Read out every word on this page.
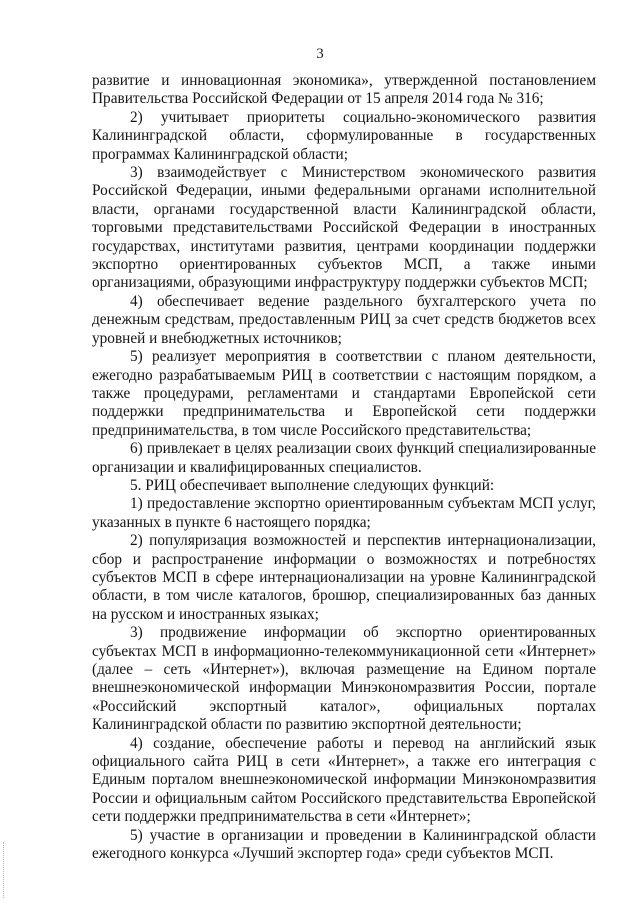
3

развитие и инновационная экономика», утвержденной постановлением Правительства Российской Федерации от 15 апреля 2014 года № 316;

2) учитывает приоритеты социально-экономического развития Калининградской области, сформулированные в государственных программах Калининградской области;

3) взаимодействует с Министерством экономического развития Российской Федерации, иными федеральными органами исполнительной власти, органами государственной власти Калининградской области, торговыми представительствами Российской Федерации в иностранных государствах, институтами развития, центрами координации поддержки экспортно ориентированных субъектов МСП, а также иными организациями, образующими инфраструктуру поддержки субъектов МСП;

4) обеспечивает ведение раздельного бухгалтерского учета по денежным средствам, предоставленным РИЦ за счет средств бюджетов всех уровней и внебюджетных источников;

5) реализует мероприятия в соответствии с планом деятельности, ежегодно разрабатываемым РИЦ в соответствии с настоящим порядком, а также процедурами, регламентами и стандартами Европейской сети поддержки предпринимательства и Европейской сети поддержки предпринимательства, в том числе Российского представительства;

6) привлекает в целях реализации своих функций специализированные организации и квалифицированных специалистов.

5. РИЦ обеспечивает выполнение следующих функций:

1) предоставление экспортно ориентированным субъектам МСП услуг, указанных в пункте 6 настоящего порядка;

2) популяризация возможностей и перспектив интернационализации, сбор и распространение информации о возможностях и потребностях субъектов МСП в сфере интернационализации на уровне Калининградской области, в том числе каталогов, брошюр, специализированных баз данных на русском и иностранных языках;

3) продвижение информации об экспортно ориентированных субъектах МСП в информационно-телекоммуникационной сети «Интернет» (далее – сеть «Интернет»), включая размещение на Едином портале внешнеэкономической информации Минэкономразвития России, портале «Российский экспортный каталог», официальных порталах Калининградской области по развитию экспортной деятельности;

4) создание, обеспечение работы и перевод на английский язык официального сайта РИЦ в сети «Интернет», а также его интеграция с Единым порталом внешнеэкономической информации Минэкономразвития России и официальным сайтом Российского представительства Европейской сети поддержки предпринимательства в сети «Интернет»;

5) участие в организации и проведении в Калининградской области ежегодного конкурса «Лучший экспортер года» среди субъектов МСП.
